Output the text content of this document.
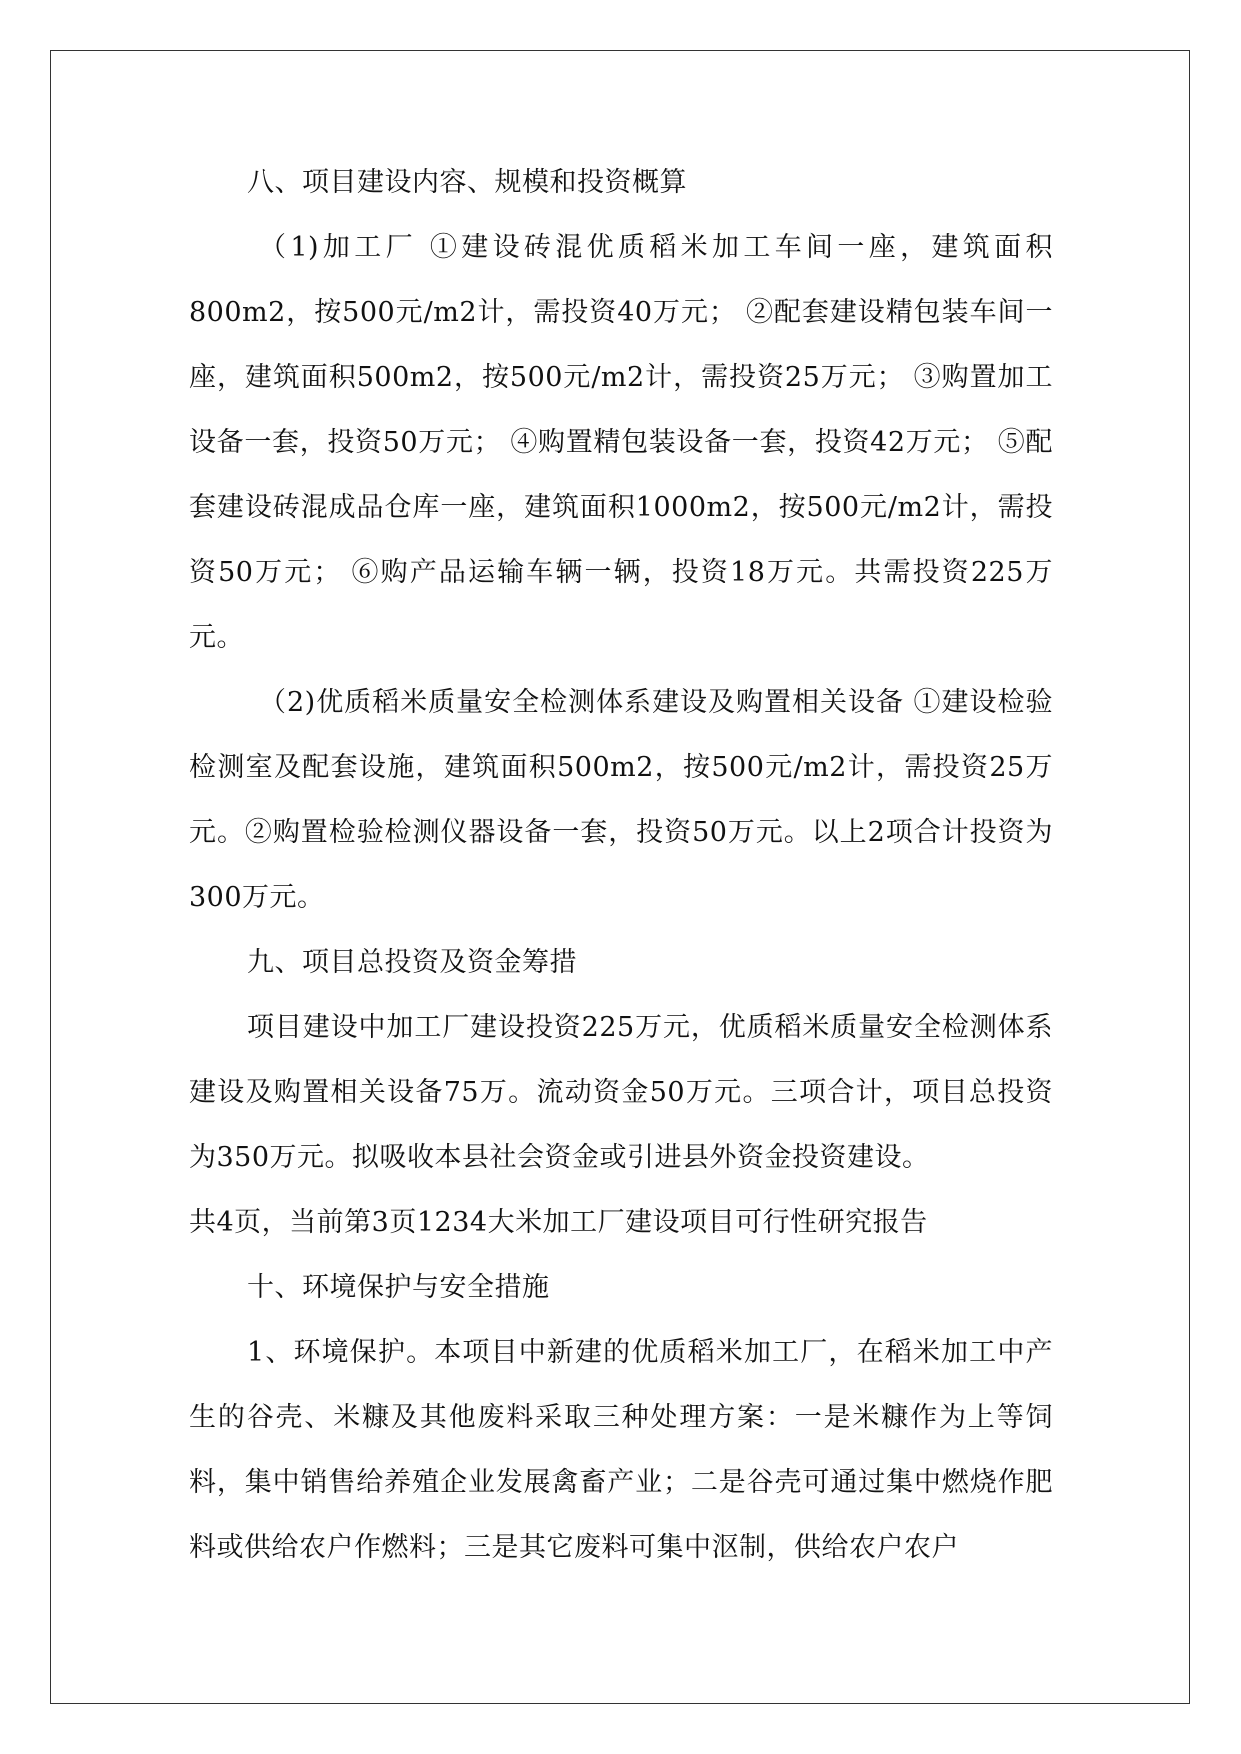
八、项目建设内容、规模和投资概算

（1)加工厂 ①建设砖混优质稻米加工车间一座，建筑面积800m2，按500元/m2计，需投资40万元； ②配套建设精包装车间一座，建筑面积500m2，按500元/m2计，需投资25万元； ③购置加工设备一套，投资50万元； ④购置精包装设备一套，投资42万元； ⑤配套建设砖混成品仓库一座，建筑面积1000m2，按500元/m2计，需投资50万元； ⑥购产品运输车辆一辆，投资18万元。共需投资225万元。

（2)优质稻米质量安全检测体系建设及购置相关设备 ①建设检验检测室及配套设施，建筑面积500m2，按500元/m2计，需投资25万元。②购置检验检测仪器设备一套，投资50万元。以上2项合计投资为300万元。

九、项目总投资及资金筹措

项目建设中加工厂建设投资225万元，优质稻米质量安全检测体系建设及购置相关设备75万。流动资金50万元。三项合计，项目总投资为350万元。拟吸收本县社会资金或引进县外资金投资建设。

共4页，当前第3页1234大米加工厂建设项目可行性研究报告

十、环境保护与安全措施

1、环境保护。本项目中新建的优质稻米加工厂，在稻米加工中产生的谷壳、米糠及其他废料采取三种处理方案：一是米糠作为上等饲料，集中销售给养殖企业发展禽畜产业；二是谷壳可通过集中燃烧作肥料或供给农户作燃料；三是其它废料可集中沤制，供给农户农户
